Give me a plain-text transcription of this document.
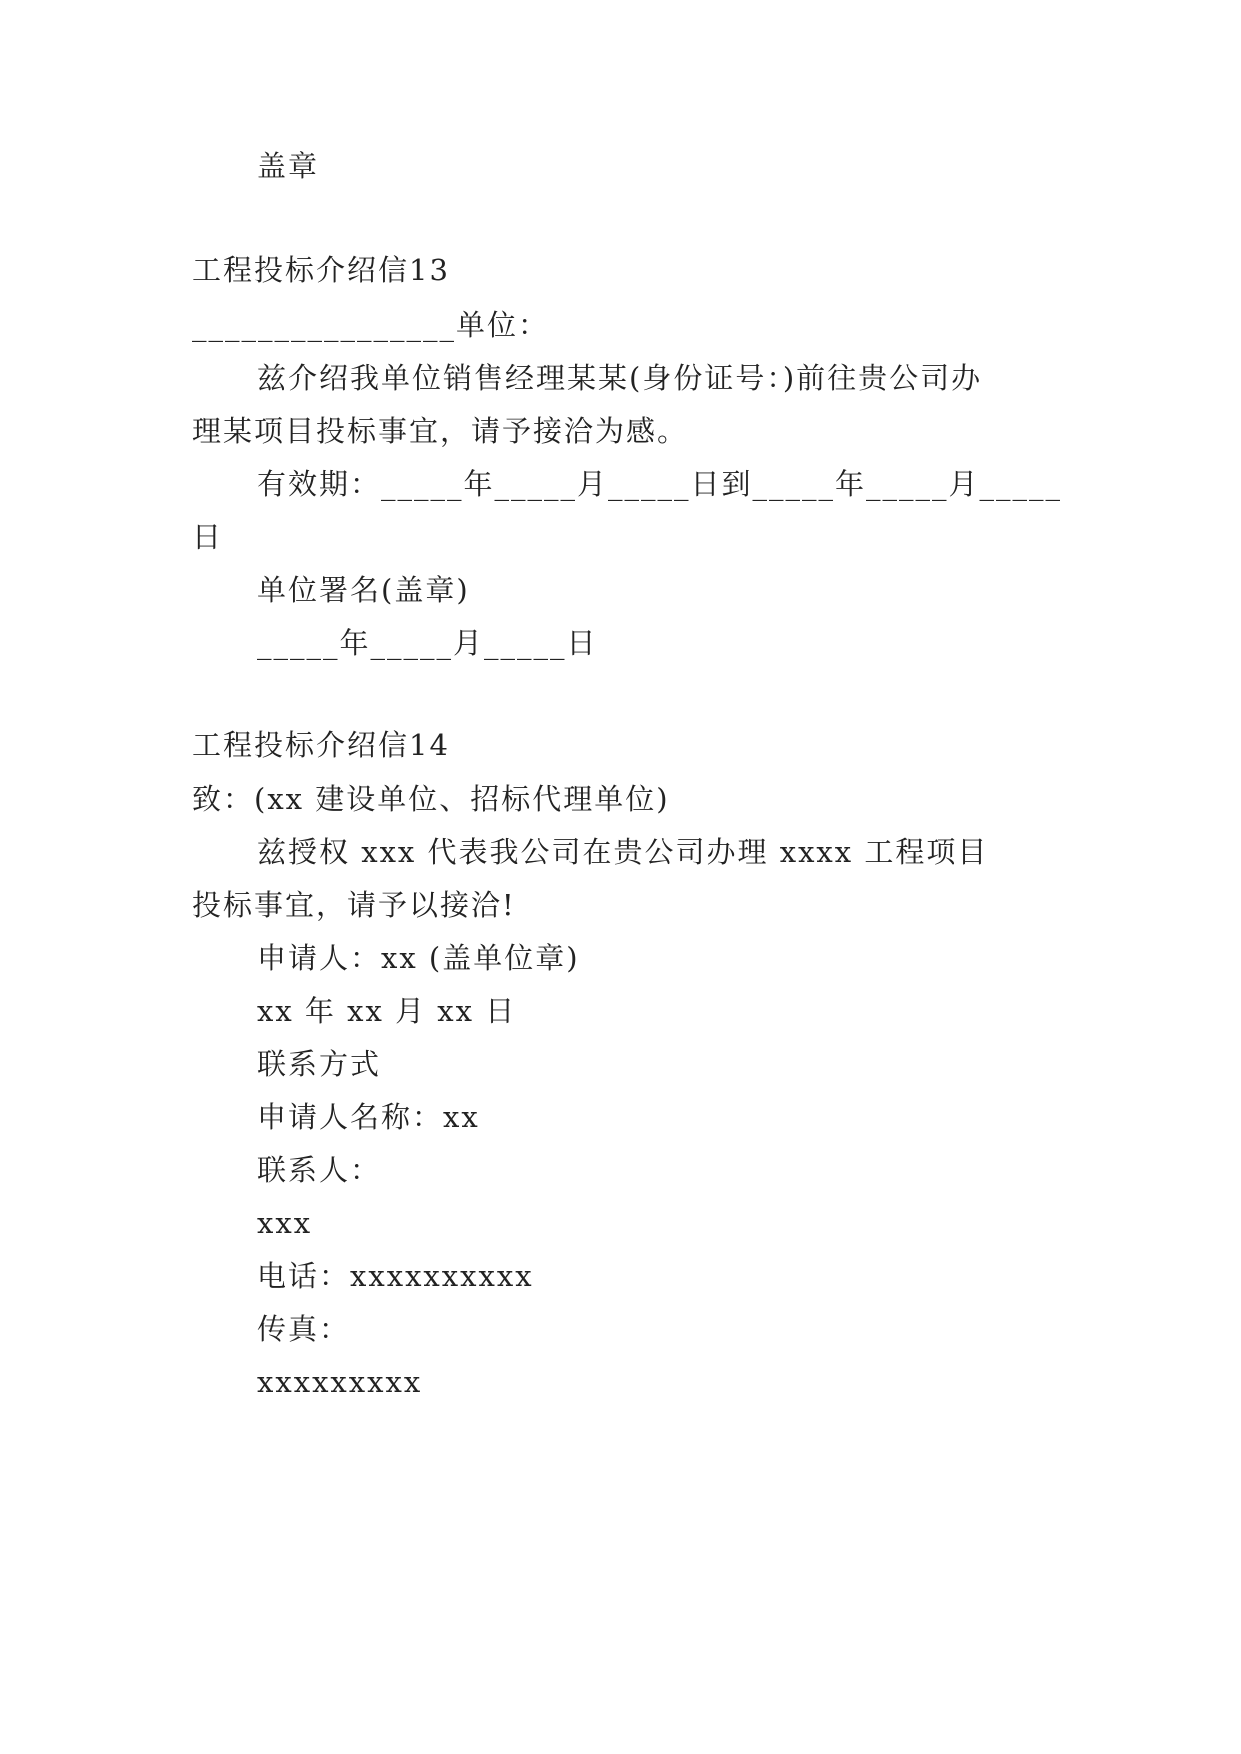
盖章
工程投标介绍信13
________________单位：
兹介绍我单位销售经理某某(身份证号：)前往贵公司办
理某项目投标事宜，请予接洽为感。
有效期：_____年_____月_____日到_____年_____月_____
日
单位署名(盖章)
_____年_____月_____日
工程投标介绍信14
致：(xx 建设单位、招标代理单位)
兹授权 xxx 代表我公司在贵公司办理 xxxx 工程项目
投标事宜，请予以接洽!
申请人：xx (盖单位章)
xx 年 xx 月 xx 日
联系方式
申请人名称：xx
联系人：
xxx
电话：xxxxxxxxxx
传真：
xxxxxxxxx
